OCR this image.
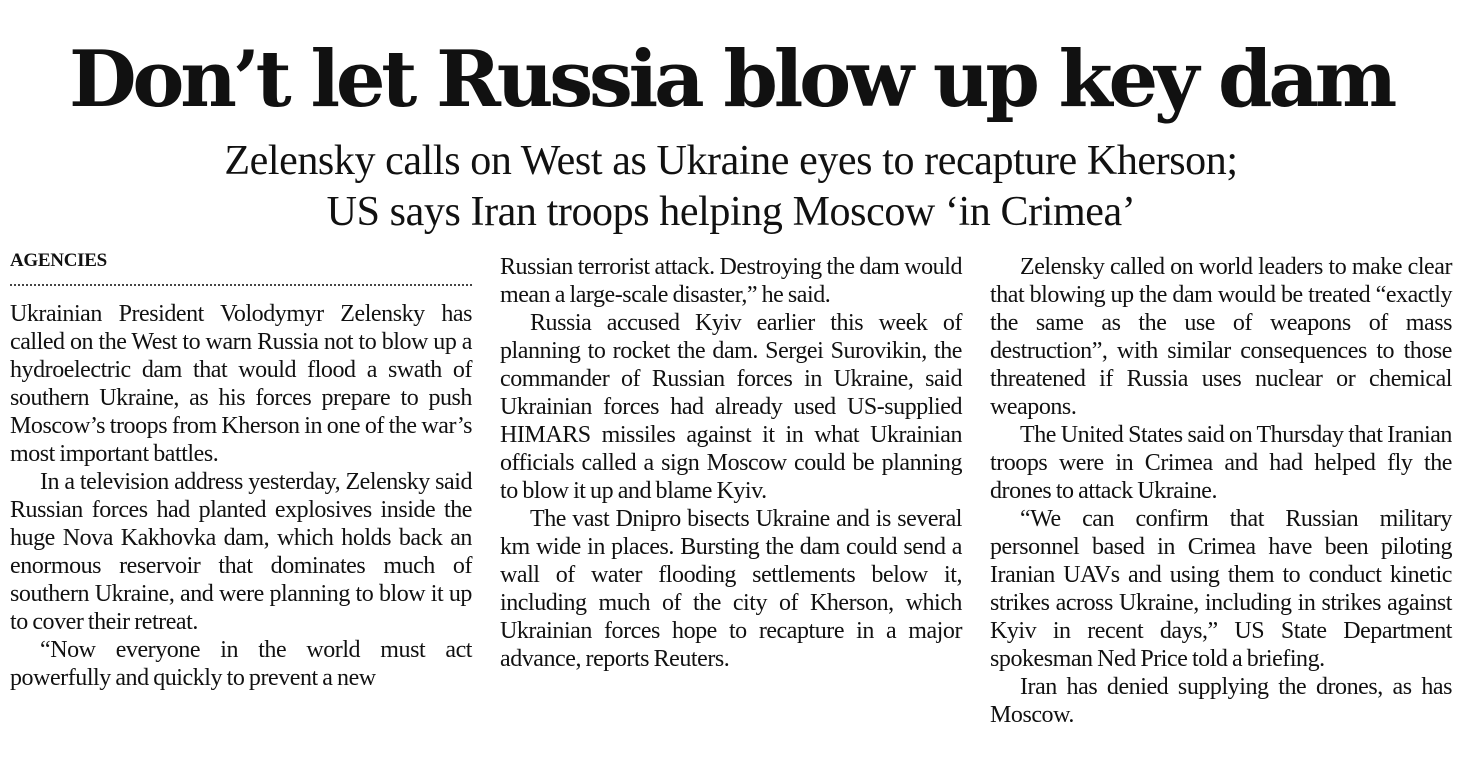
Don’t let Russia blow up key dam
Zelensky calls on West as Ukraine eyes to recapture Kherson;
US says Iran troops helping Moscow ‘in Crimea’
AGENCIES

Ukrainian President Volodymyr Zelensky has called on the West to warn Russia not to blow up a hydroelectric dam that would flood a swath of southern Ukraine, as his forces prepare to push Moscow’s troops from Kherson in one of the war’s most important battles.

In a television address yesterday, Zelensky said Russian forces had planted explosives inside the huge Nova Kakhovka dam, which holds back an enormous reservoir that dominates much of southern Ukraine, and were planning to blow it up to cover their retreat.

“Now everyone in the world must act powerfully and quickly to prevent a new

Russian terrorist attack. Destroying the dam would mean a large-scale disaster,” he said.

Russia accused Kyiv earlier this week of planning to rocket the dam. Sergei Surovikin, the commander of Russian forces in Ukraine, said Ukrainian forces had already used US-supplied HIMARS missiles against it in what Ukrainian officials called a sign Moscow could be planning to blow it up and blame Kyiv.

The vast Dnipro bisects Ukraine and is several km wide in places. Bursting the dam could send a wall of water flooding settlements below it, including much of the city of Kherson, which Ukrainian forces hope to recapture in a major advance, reports Reuters.

Zelensky called on world leaders to make clear that blowing up the dam would be treated “exactly the same as the use of weapons of mass destruction”, with similar consequences to those threatened if Russia uses nuclear or chemical weapons.

The United States said on Thursday that Iranian troops were in Crimea and had helped fly the drones to attack Ukraine.

“We can confirm that Russian military personnel based in Crimea have been piloting Iranian UAVs and using them to conduct kinetic strikes across Ukraine, including in strikes against Kyiv in recent days,” US State Department spokesman Ned Price told a briefing.

Iran has denied supplying the drones, as has Moscow.
